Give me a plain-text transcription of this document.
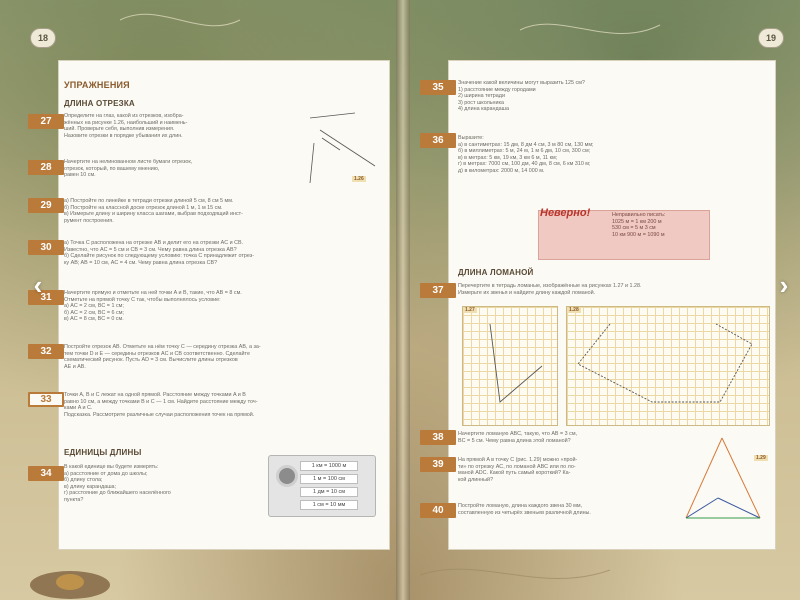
18	19
УПРАЖНЕНИЯ
ДЛИНА ОТРЕЗКА
27	Определите на глаз, какой из отрезков, изобра-
жённых на рисунке 1.26, наибольший и наимень-
ший. Проверьте себя, выполнив измерения.
Назовите отрезки в порядке убывания их длин.
1.26
28	Начертите на нелинованном листе бумаги отрезок,
отрезок, который, по вашему мнению,
равен 10 см.
29	а) Постройте по линейке в тетради отрезки длиной 5 см, 8 см 5 мм.
б) Постройте на классной доске отрезок длиной 1 м, 1 м 15 см.
в) Измерьте длину и ширину класса шагами, выбрав подходящий инст-
румент построения.
30	а) Точка C расположена на отрезке AB и делит его на отрезки AC и CB.
Известно, что AC = 5 см и CB = 3 см. Чему равна длина отрезка AB?
б) Сделайте рисунок по следующему условию: точка C принадлежит отрез-
ку AB; AB = 10 см, AC = 4 см. Чему равна длина отрезка CB?
31	Начертите прямую и отметьте на ней точки A и B, такие, что AB = 8 см.
Отметьте на прямой точку C так, чтобы выполнялось условие:
а) AC = 2 см, BC = 1 см;
б) AC = 2 см, BC = 6 см;
в) AC = 8 см, BC = 0 см.
32	Постройте отрезок AB. Отметьте на нём точку C — середину отрезка AB, а за-
тем точки D и E — середины отрезков AC и CB соответственно. Сделайте
схематический рисунок. Пусть AD = 3 см. Вычислите длины отрезков
AE и AB.
33	Точки A, B и C лежат на одной прямой. Расстояние между точками A и B
равно 10 см, а между точками B и C — 1 см. Найдите расстояние между точ-
ками A и C.
Подсказка. Рассмотрите различные случаи расположения точек на прямой.
ЕДИНИЦЫ ДЛИНЫ
34
В какой единице вы будете измерять:
а) расстояние от дома до школы;
б) длину стола;
в) длину карандаша;
г) расстояние до ближайшего населённого
пункта?
1 км = 1000 м
1 м = 100 см
1 дм = 10 см
1 см = 10 мм
35	Значение какой величины могут выразить 125 см?
1) расстояние между городами
2) ширина тетради
3) рост школьника
4) длина карандаша
36	Выразите:
а) в сантиметрах: 15 дм, 8 дм 4 см, 3 м 80 см, 130 мм;
б) в миллиметрах: 5 м, 24 м, 1 м 6 дм, 10 см, 300 см;
в) в метрах: 5 км, 19 км, 3 км 6 м, 11 км;
г) в метрах: 7000 см, 100 дм, 40 дм, 8 см, 6 км 310 м;
д) в километрах: 2000 м, 14 000 м.
Неверно!	Неправильно писать:
1025 м = 1 км 200 м
530 см = 5 м 3 см
10 км 900 м = 1090 м
ДЛИНА ЛОМАНОЙ
37	Перечертите в тетрадь ломаные, изображённые на рисунках 1.27 и 1.28.
Измерьте их звенья и найдите длину каждой ломаной.
1.27	1.28
38	Начертите ломаную ABC, такую, что AB = 3 см,
BC = 5 см. Чему равна длина этой ломаной?
39	На прямой A в точку C (рис. 1.29) можно «прой-
ти» по отрезку AC, по ломаной ABC или по ло-
маной ADC. Какой путь самый короткий? Ка-
кой длинный?
40	Постройте ломаную, длина каждого звена 30 мм,
составленную из четырёх звеньев различной длины.
1.29
‹	›
